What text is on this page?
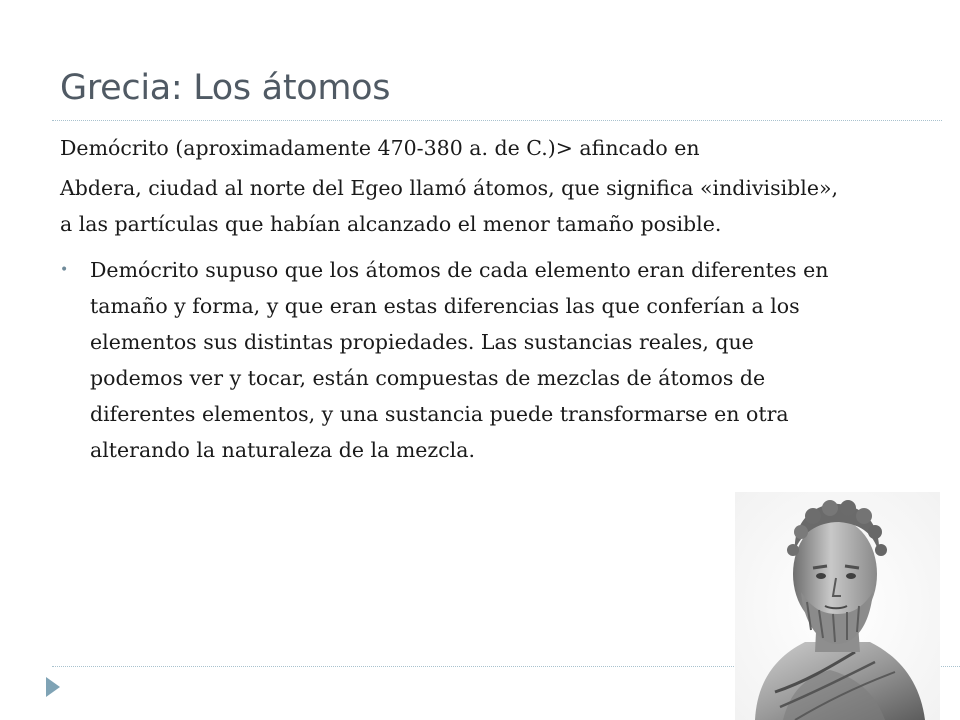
Grecia: Los átomos

Demócrito (aproximadamente 470-380 a. de C.)> afincado en

Abdera, ciudad al norte del Egeo llamó átomos, que significa «indivisible», a las partículas que habían alcanzado el menor tamaño posible.

• Demócrito supuso que los átomos de cada elemento eran diferentes en tamaño y forma, y que eran estas diferencias las que conferían a los elementos sus distintas propiedades. Las sustancias reales, que podemos ver y tocar, están compuestas de mezclas de átomos de diferentes elementos, y una sustancia puede transformarse en otra alterando la naturaleza de la mezcla.
